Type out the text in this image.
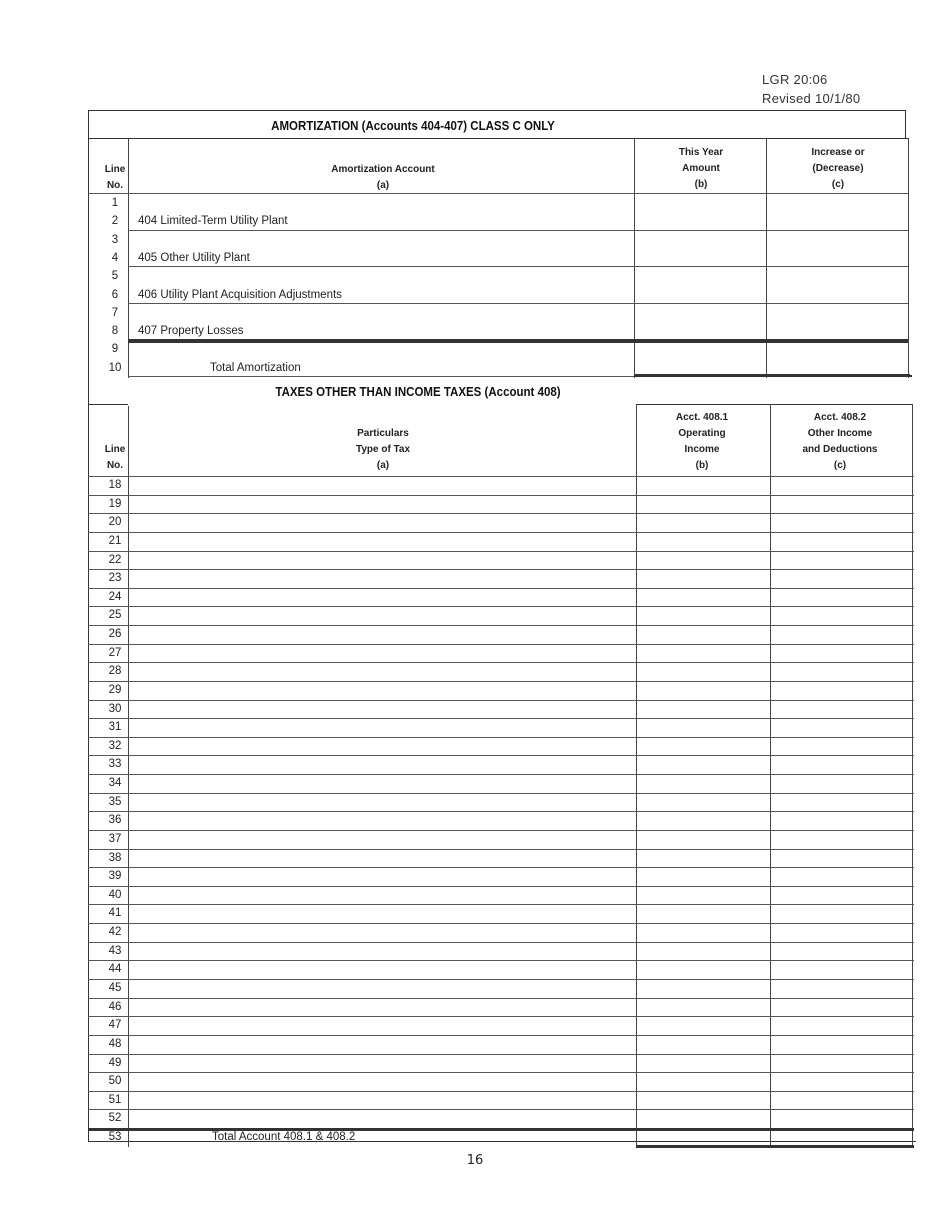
LGR 20:06
Revised 10/1/80
AMORTIZATION (Accounts 404-407) CLASS C ONLY
Line
No.
Amortization Account
(a)
This Year
Amount
(b)
Increase or
(Decrease)
(c)
1
2
3
4
5
6
7
8
9
10
404 Limited-Term Utility Plant
405 Other Utility Plant
406 Utility Plant Acquisition Adjustments
407 Property Losses
Total Amortization
TAXES OTHER THAN INCOME TAXES (Account 408)
Line
No.
Particulars
Type of Tax
(a)
Acct. 408.1
Operating
Income
(b)
Acct. 408.2
Other Income
and Deductions
(c)
18
19
20
21
22
23
24
25
26
27
28
29
30
31
32
33
34
35
36
37
38
39
40
41
42
43
44
45
46
47
48
49
50
51
52
53	Total Account 408.1 & 408.2
16
